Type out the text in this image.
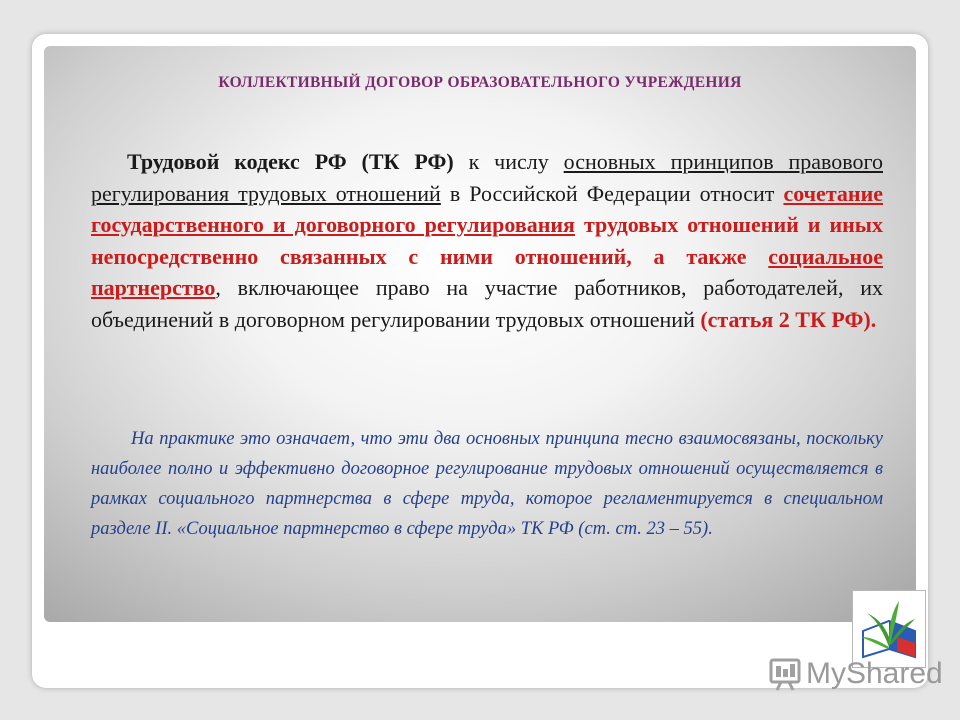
КОЛЛЕКТИВНЫЙ ДОГОВОР ОБРАЗОВАТЕЛЬНОГО УЧРЕЖДЕНИЯ
Трудовой кодекс РФ (ТК РФ) к числу основных принципов правового регулирования трудовых отношений в Российской Федерации относит сочетание государственного и договорного регулирования трудовых отношений и иных непосредственно связанных с ними отношений, а также социальное партнерство, включающее право на участие работников, работодателей, их объединений в договорном регулировании трудовых отношений (статья 2 ТК РФ).
На практике это означает, что эти два основных принципа тесно взаимосвязаны, поскольку наиболее полно и эффективно договорное регулирование трудовых отношений осуществляется в рамках социального партнерства в сфере труда, которое регламентируется в специальном разделе II. «Социальное партнерство в сфере труда» ТК РФ (ст. ст. 23 – 55).
MyShared
